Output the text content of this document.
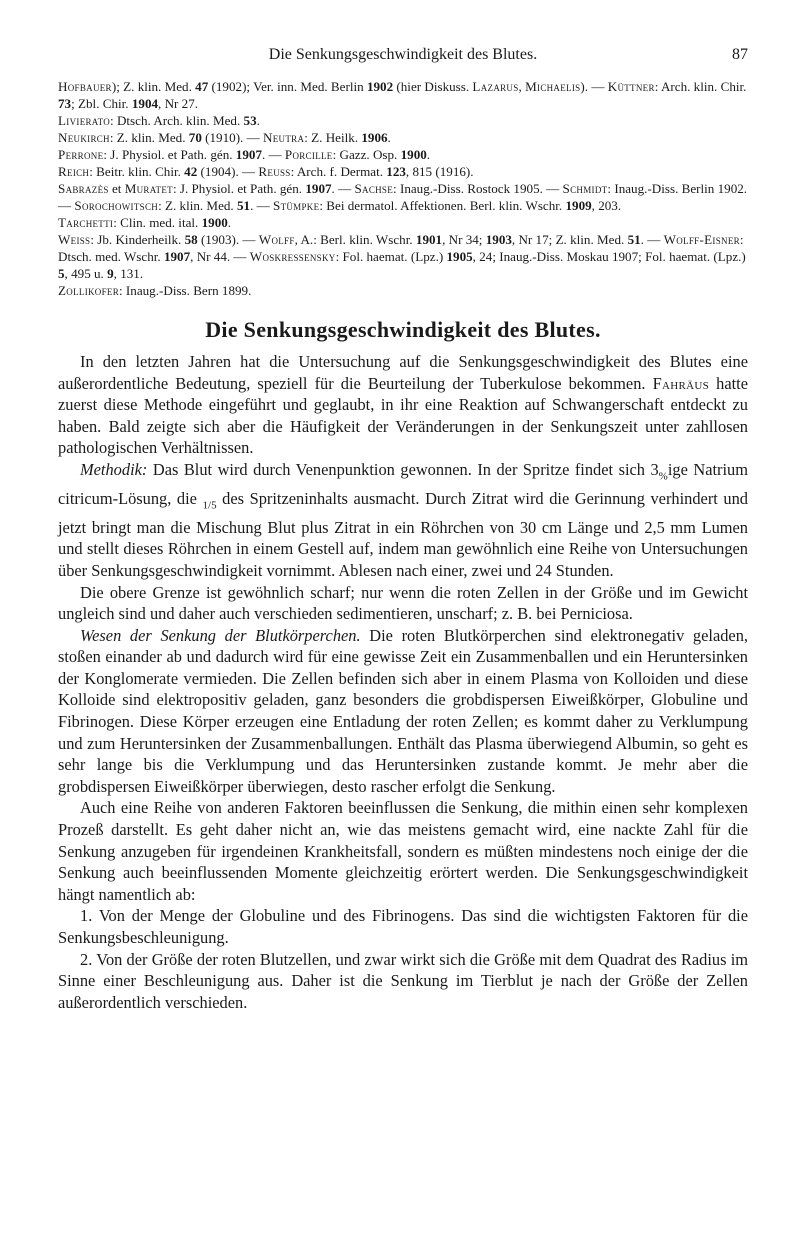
Die Senkungsgeschwindigkeit des Blutes.	87

Hofbauer); Z. klin. Med. 47 (1902); Ver. inn. Med. Berlin 1902 (hier Diskuss. Lazarus, Michaelis). — Küttner: Arch. klin. Chir. 73; Zbl. Chir. 1904, Nr 27.

Livierato: Dtsch. Arch. klin. Med. 53.

Neukirch: Z. klin. Med. 70 (1910). — Neutra: Z. Heilk. 1906.

Perrone: J. Physiol. et Path. gén. 1907. — Porcille: Gazz. Osp. 1900.

Reich: Beitr. klin. Chir. 42 (1904). — Reuss: Arch. f. Dermat. 123, 815 (1916).

Sabrazès et Muratet: J. Physiol. et Path. gén. 1907. — Sachse: Inaug.-Diss. Rostock 1905. — Schmidt: Inaug.-Diss. Berlin 1902. — Sorochowitsch: Z. klin. Med. 51. — Stümpke: Bei dermatol. Affektionen. Berl. klin. Wschr. 1909, 203.

Tarchetti: Clin. med. ital. 1900.

Weiss: Jb. Kinderheilk. 58 (1903). — Wolff, A.: Berl. klin. Wschr. 1901, Nr 34; 1903, Nr 17; Z. klin. Med. 51. — Wolff-Eisner: Dtsch. med. Wschr. 1907, Nr 44. — Woskressensky: Fol. haemat. (Lpz.) 1905, 24; Inaug.-Diss. Moskau 1907; Fol. haemat. (Lpz.) 5, 495 u. 9, 131.

Zollikofer: Inaug.-Diss. Bern 1899.

Die Senkungsgeschwindigkeit des Blutes.

In den letzten Jahren hat die Untersuchung auf die Senkungsgeschwindigkeit des Blutes eine außerordentliche Bedeutung, speziell für die Beurteilung der Tuberkulose bekommen. Fahräus hatte zuerst diese Methode eingeführt und geglaubt, in ihr eine Reaktion auf Schwangerschaft entdeckt zu haben. Bald zeigte sich aber die Häufigkeit der Veränderungen in der Senkungszeit unter zahllosen pathologischen Verhältnissen.

Methodik: Das Blut wird durch Venenpunktion gewonnen. In der Spritze findet sich $3_{\%}ige$ Natrium citricum-Lösung, die $_{1/5}$ des Spritzeninhalts ausmacht. Durch Zitrat wird die Gerinnung verhindert und jetzt bringt man die Mischung Blut plus Zitrat in ein Röhrchen von 30 cm Länge und 2,5 mm Lumen und stellt dieses Röhrchen in einem Gestell auf, indem man gewöhnlich eine Reihe von Untersuchungen über Senkungsgeschwindigkeit vornimmt. Ablesen nach einer, zwei und 24 Stunden.

Die obere Grenze ist gewöhnlich scharf; nur wenn die roten Zellen in der Größe und im Gewicht ungleich sind und daher auch verschieden sedimentieren, unscharf; z. B. bei Perniciosa.

Wesen der Senkung der Blutkörperchen. Die roten Blutkörperchen sind elektronegativ geladen, stoßen einander ab und dadurch wird für eine gewisse Zeit ein Zusammenballen und ein Heruntersinken der Konglomerate vermieden. Die Zellen befinden sich aber in einem Plasma von Kolloiden und diese Kolloide sind elektropositiv geladen, ganz besonders die grobdispersen Eiweißkörper, Globuline und Fibrinogen. Diese Körper erzeugen eine Entladung der roten Zellen; es kommt daher zu Verklumpung und zum Heruntersinken der Zusammenballungen. Enthält das Plasma überwiegend Albumin, so geht es sehr lange bis die Verklumpung und das Heruntersinken zustande kommt. Je mehr aber die grobdispersen Eiweißkörper überwiegen, desto rascher erfolgt die Senkung.

Auch eine Reihe von anderen Faktoren beeinflussen die Senkung, die mithin einen sehr komplexen Prozeß darstellt. Es geht daher nicht an, wie das meistens gemacht wird, eine nackte Zahl für die Senkung anzugeben für irgendeinen Krankheitsfall, sondern es müßten mindestens noch einige der die Senkung auch beeinflussenden Momente gleichzeitig erörtert werden. Die Senkungsgeschwindigkeit hängt namentlich ab:

1. Von der Menge der Globuline und des Fibrinogens. Das sind die wichtigsten Faktoren für die Senkungsbeschleunigung.

2. Von der Größe der roten Blutzellen, und zwar wirkt sich die Größe mit dem Quadrat des Radius im Sinne einer Beschleunigung aus. Daher ist die Senkung im Tierblut je nach der Größe der Zellen außerordentlich verschieden.
